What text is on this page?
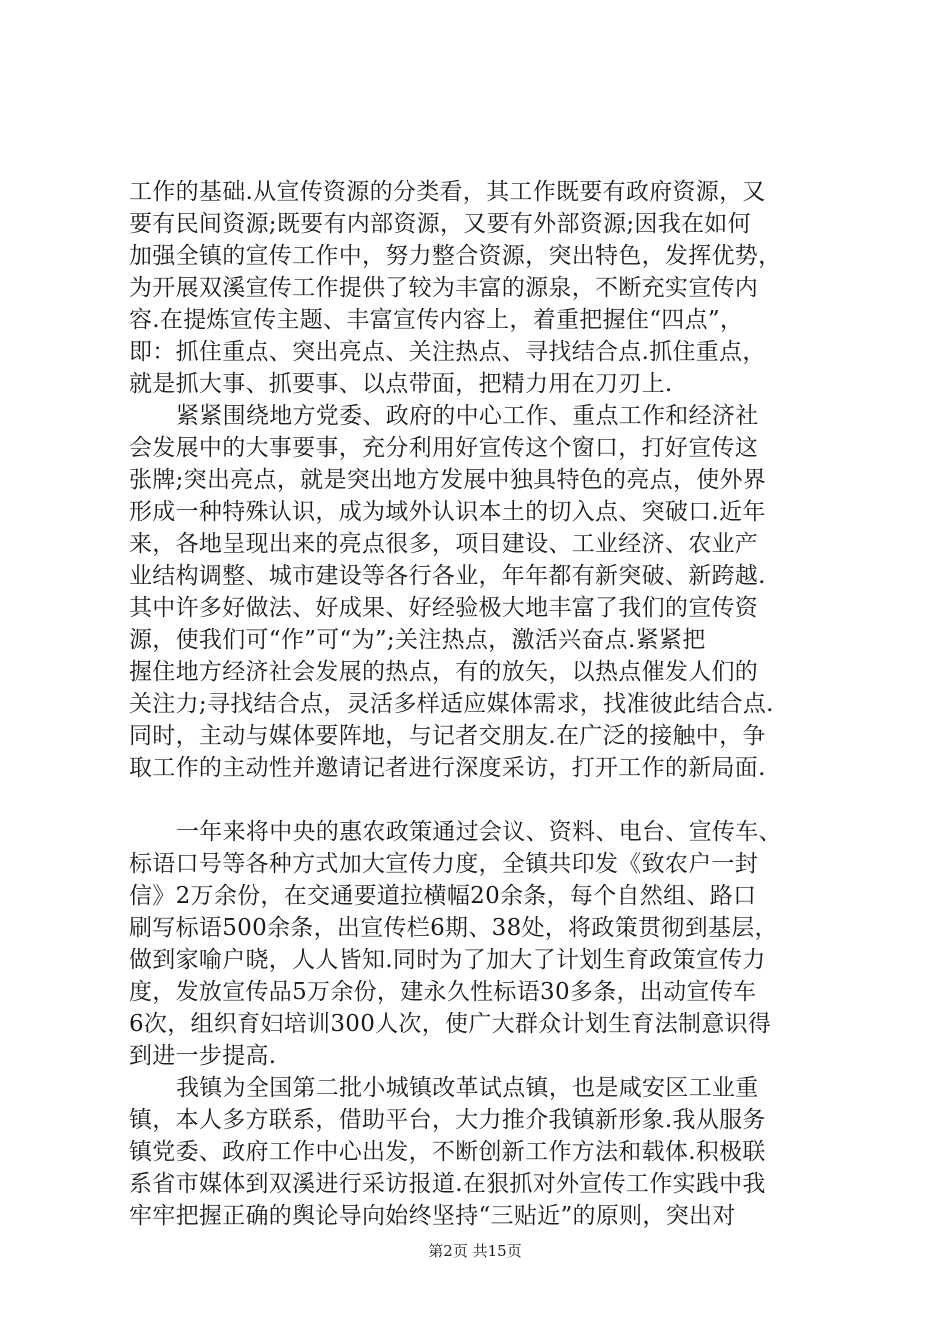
工作的基础.从宣传资源的分类看，其工作既要有政府资源，又
要有民间资源;既要有内部资源，又要有外部资源;因我在如何
加强全镇的宣传工作中，努力整合资源，突出特色，发挥优势，
为开展双溪宣传工作提供了较为丰富的源泉，不断充实宣传内
容.在提炼宣传主题、丰富宣传内容上，着重把握住“四点”，
即：抓住重点、突出亮点、关注热点、寻找结合点.抓住重点，
就是抓大事、抓要事、以点带面，把精力用在刀刃上.
紧紧围绕地方党委、政府的中心工作、重点工作和经济社
会发展中的大事要事，充分利用好宣传这个窗口，打好宣传这
张牌;突出亮点，就是突出地方发展中独具特色的亮点，使外界
形成一种特殊认识，成为域外认识本土的切入点、突破口.近年
来，各地呈现出来的亮点很多，项目建设、工业经济、农业产
业结构调整、城市建设等各行各业，年年都有新突破、新跨越.
其中许多好做法、好成果、好经验极大地丰富了我们的宣传资
源，使我们可“作”可“为”;关注热点，激活兴奋点.紧紧把
握住地方经济社会发展的热点，有的放矢，以热点催发人们的
关注力;寻找结合点，灵活多样适应媒体需求，找准彼此结合点.
同时，主动与媒体要阵地，与记者交朋友.在广泛的接触中，争
取工作的主动性并邀请记者进行深度采访，打开工作的新局面.
一年来将中央的惠农政策通过会议、资料、电台、宣传车、
标语口号等各种方式加大宣传力度，全镇共印发《致农户一封
信》2万余份，在交通要道拉横幅20余条，每个自然组、路口
刷写标语500余条，出宣传栏6期、38处，将政策贯彻到基层，
做到家喻户晓，人人皆知.同时为了加大了计划生育政策宣传力
度，发放宣传品5万余份，建永久性标语30多条，出动宣传车
6次，组织育妇培训300人次，使广大群众计划生育法制意识得
到进一步提高.
我镇为全国第二批小城镇改革试点镇，也是咸安区工业重
镇，本人多方联系，借助平台，大力推介我镇新形象.我从服务
镇党委、政府工作中心出发，不断创新工作方法和载体.积极联
系省市媒体到双溪进行采访报道.在狠抓对外宣传工作实践中我
牢牢把握正确的舆论导向始终坚持“三贴近”的原则，突出对
第2页 共15页
